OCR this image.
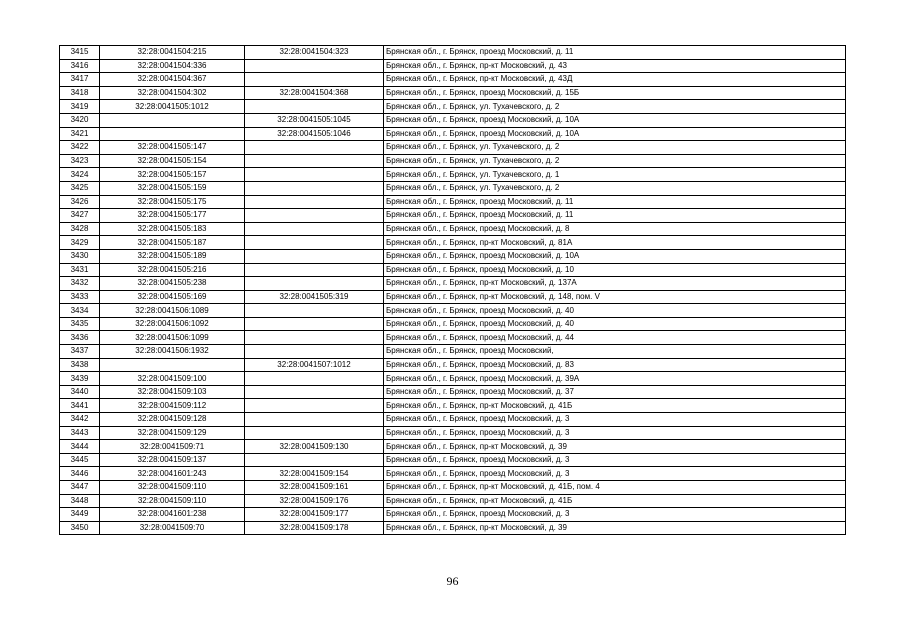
3415	32:28:0041504:215	32:28:0041504:323	Брянская обл., г. Брянск, проезд Московский, д. 11
3416	32:28:0041504:336		Брянская обл., г. Брянск, пр-кт Московский, д. 43
3417	32:28:0041504:367		Брянская обл., г. Брянск, пр-кт Московский, д. 43Д
3418	32:28:0041504:302	32:28:0041504:368	Брянская обл., г. Брянск, проезд Московский, д. 15Б
3419	32:28:0041505:1012		Брянская обл., г. Брянск, ул. Тухачевского, д. 2
3420		32:28:0041505:1045	Брянская обл., г. Брянск, проезд Московский, д. 10А
3421		32:28:0041505:1046	Брянская обл., г. Брянск, проезд Московский, д. 10А
3422	32:28:0041505:147		Брянская обл., г. Брянск, ул. Тухачевского, д. 2
3423	32:28:0041505:154		Брянская обл., г. Брянск, ул. Тухачевского, д. 2
3424	32:28:0041505:157		Брянская обл., г. Брянск, ул. Тухачевского, д. 1
3425	32:28:0041505:159		Брянская обл., г. Брянск, ул. Тухачевского, д. 2
3426	32:28:0041505:175		Брянская обл., г. Брянск, проезд Московский, д. 11
3427	32:28:0041505:177		Брянская обл., г. Брянск, проезд Московский, д. 11
3428	32:28:0041505:183		Брянская обл., г. Брянск, проезд Московский, д. 8
3429	32:28:0041505:187		Брянская обл., г. Брянск, пр-кт Московский, д. 81А
3430	32:28:0041505:189		Брянская обл., г. Брянск, проезд Московский, д. 10А
3431	32:28:0041505:216		Брянская обл., г. Брянск, проезд Московский, д. 10
3432	32:28:0041505:238		Брянская обл., г. Брянск, пр-кт Московский, д. 137А
3433	32:28:0041505:169	32:28:0041505:319	Брянская обл., г. Брянск, пр-кт Московский, д. 148, пом. V
3434	32:28:0041506:1089		Брянская обл., г. Брянск, проезд Московский, д. 40
3435	32:28:0041506:1092		Брянская обл., г. Брянск, проезд Московский, д. 40
3436	32:28:0041506:1099		Брянская обл., г. Брянск, проезд Московский, д. 44
3437	32:28:0041506:1932		Брянская обл., г. Брянск, проезд Московский,
3438		32:28:0041507:1012	Брянская обл., г. Брянск, проезд Московский, д. 83
3439	32:28:0041509:100		Брянская обл., г. Брянск, проезд Московский, д. 39А
3440	32:28:0041509:103		Брянская обл., г. Брянск, проезд Московский, д. 37
3441	32:28:0041509:112		Брянская обл., г. Брянск, пр-кт Московский, д. 41Б
3442	32:28:0041509:128		Брянская обл., г. Брянск, проезд Московский, д. 3
3443	32:28:0041509:129		Брянская обл., г. Брянск, проезд Московский, д. 3
3444	32:28:0041509:71	32:28:0041509:130	Брянская обл., г. Брянск, пр-кт Московский, д. 39
3445	32:28:0041509:137		Брянская обл., г. Брянск, проезд Московский, д. 3
3446	32:28:0041601:243	32:28:0041509:154	Брянская обл., г. Брянск, проезд Московский, д. 3
3447	32:28:0041509:110	32:28:0041509:161	Брянская обл., г. Брянск, пр-кт Московский, д. 41Б, пом. 4
3448	32:28:0041509:110	32:28:0041509:176	Брянская обл., г. Брянск, пр-кт Московский, д. 41Б
3449	32:28:0041601:238	32:28:0041509:177	Брянская обл., г. Брянск, проезд Московский, д. 3
3450	32:28:0041509:70	32:28:0041509:178	Брянская обл., г. Брянск, пр-кт Московский, д. 39
96
